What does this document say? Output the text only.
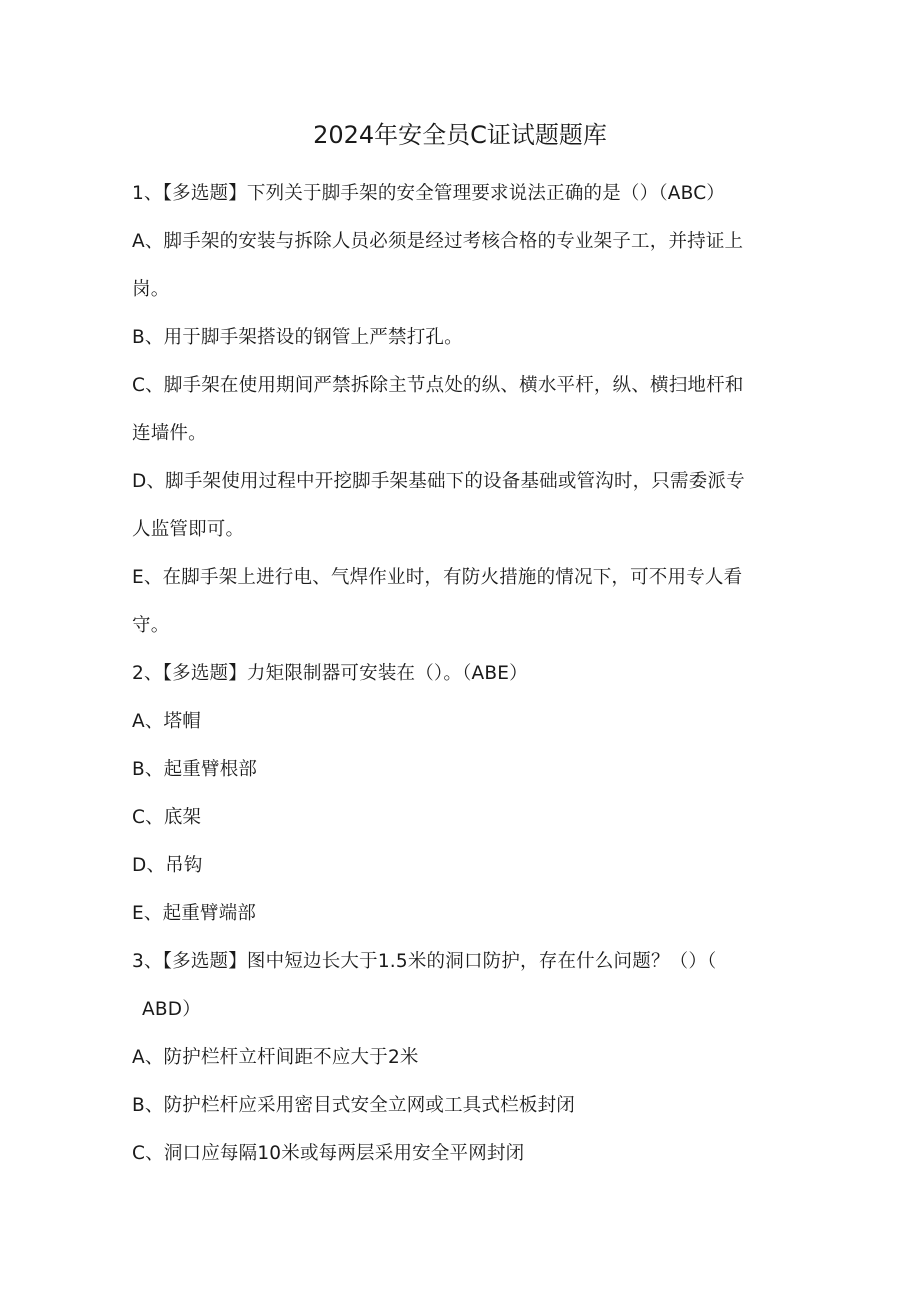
2024年安全员C证试题题库
1、【多选题】下列关于脚手架的安全管理要求说法正确的是（）（ABC）
A、脚手架的安装与拆除人员必须是经过考核合格的专业架子工，并持证上
岗。
B、用于脚手架搭设的钢管上严禁打孔。
C、脚手架在使用期间严禁拆除主节点处的纵、横水平杆，纵、横扫地杆和
连墙件。
D、脚手架使用过程中开挖脚手架基础下的设备基础或管沟时，只需委派专
人监管即可。
E、在脚手架上进行电、气焊作业时，有防火措施的情况下，可不用专人看
守。
2、【多选题】力矩限制器可安装在（）。（ABE）
A、塔帽
B、起重臂根部
C、底架
D、吊钩
E、起重臂端部
3、【多选题】图中短边长大于1.5米的洞口防护，存在什么问题？（）（
ABD）
A、防护栏杆立杆间距不应大于2米
B、防护栏杆应采用密目式安全立网或工具式栏板封闭
C、洞口应每隔10米或每两层采用安全平网封闭
